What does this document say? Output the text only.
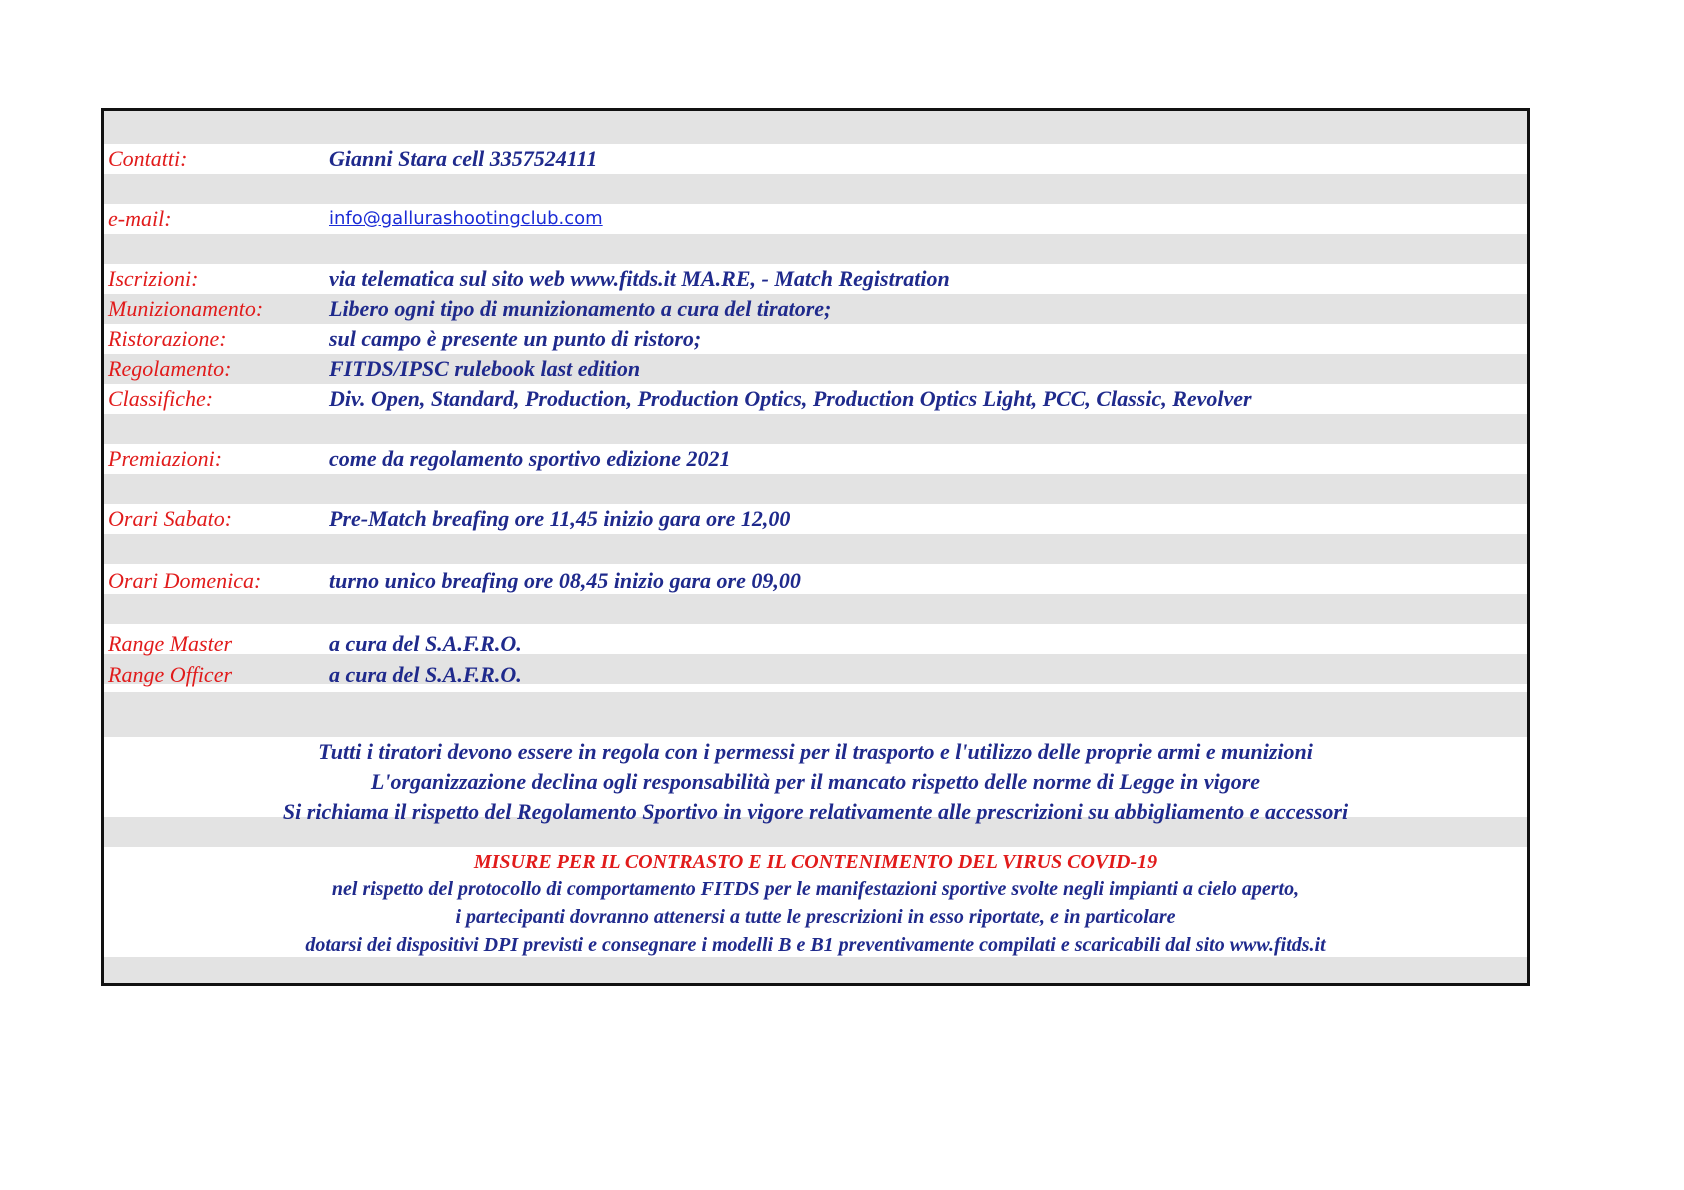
Contatti:	Gianni Stara cell 3357524111
e-mail:	info@gallurashootingclub.com
Iscrizioni:	via telematica sul sito web www.fitds.it MA.RE, - Match Registration
Munizionamento:	Libero ogni tipo di munizionamento a cura del tiratore;
Ristorazione:	sul campo è presente un punto di ristoro;
Regolamento:	FITDS/IPSC rulebook last edition
Classifiche:	Div. Open, Standard, Production, Production Optics, Production Optics Light, PCC, Classic, Revolver
Premiazioni:	come da regolamento sportivo edizione 2021
Orari Sabato:	Pre-Match breafing ore 11,45 inizio gara ore 12,00
Orari Domenica:	turno unico breafing ore 08,45 inizio gara ore 09,00
Range Master	a cura del S.A.F.R.O.
Range Officer	a cura del S.A.F.R.O.
Tutti i tiratori devono essere in regola con i permessi per il trasporto e l'utilizzo delle proprie armi e munizioni
L'organizzazione declina ogli responsabilità per il mancato rispetto delle norme di Legge in vigore
Si richiama il rispetto del Regolamento Sportivo in vigore relativamente alle prescrizioni su abbigliamento e accessori
MISURE PER IL CONTRASTO E IL CONTENIMENTO DEL VIRUS COVID-19
nel rispetto del protocollo di comportamento FITDS per le manifestazioni sportive svolte negli impianti a cielo aperto,
i partecipanti dovranno attenersi a tutte le prescrizioni in esso riportate, e in particolare
dotarsi dei dispositivi DPI previsti e consegnare i modelli B e B1 preventivamente compilati e scaricabili dal sito www.fitds.it
